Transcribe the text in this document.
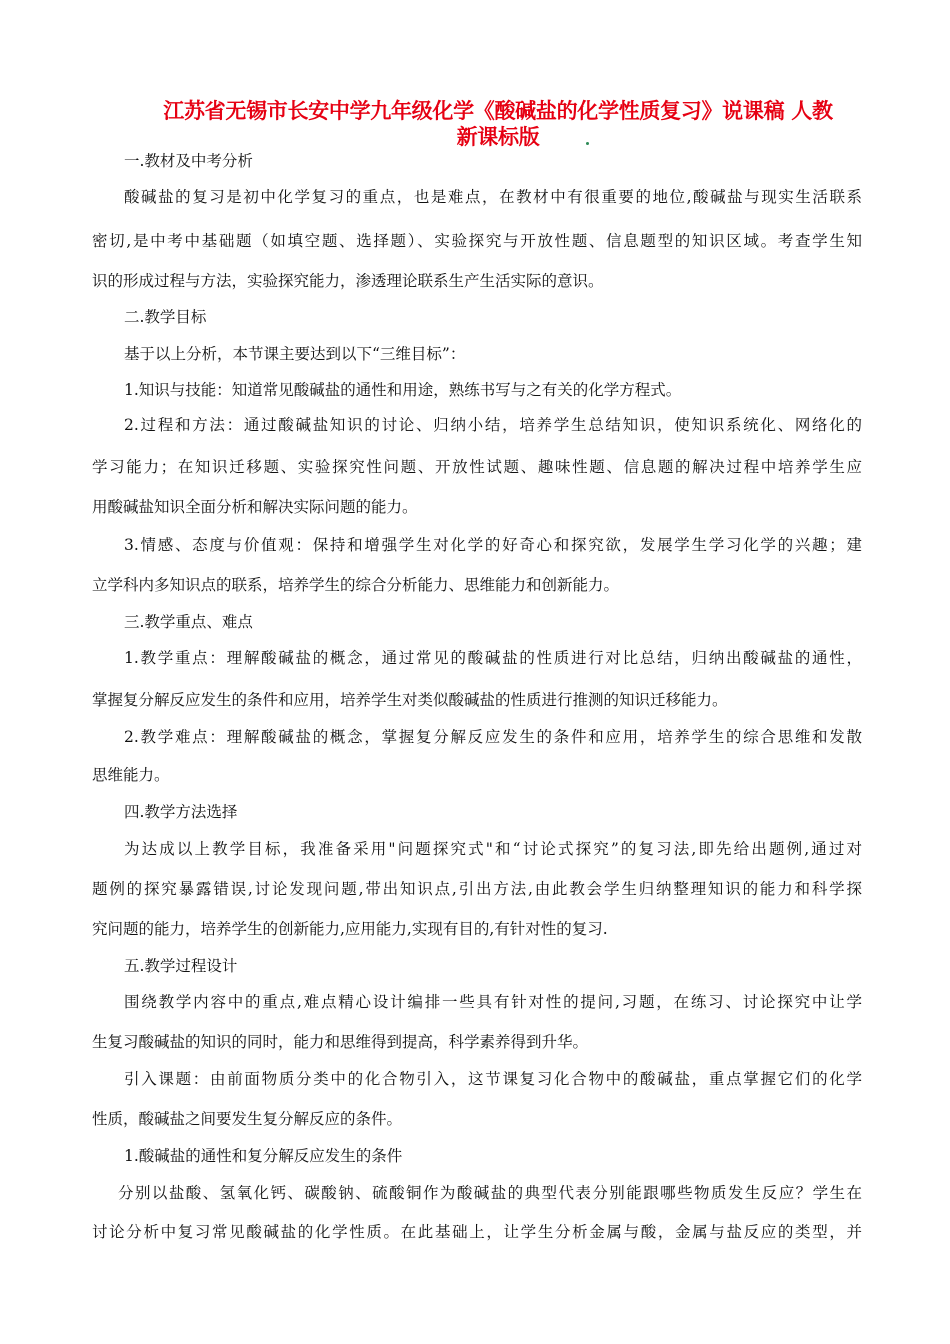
江苏省无锡市长安中学九年级化学《酸碱盐的化学性质复习》说课稿 人教
新课标版
一.教材及中考分析
酸碱盐的复习是初中化学复习的重点，也是难点，在教材中有很重要的地位,酸碱盐与现实生活联系
密切,是中考中基础题（如填空题、选择题）、实验探究与开放性题、信息题型的知识区域。考查学生知
识的形成过程与方法，实验探究能力，渗透理论联系生产生活实际的意识。
二.教学目标
基于以上分析，本节课主要达到以下“三维目标”：
1.知识与技能：知道常见酸碱盐的通性和用途，熟练书写与之有关的化学方程式。
2.过程和方法：通过酸碱盐知识的讨论、归纳小结，培养学生总结知识，使知识系统化、网络化的
学习能力；在知识迁移题、实验探究性问题、开放性试题、趣味性题、信息题的解决过程中培养学生应
用酸碱盐知识全面分析和解决实际问题的能力。
3.情感、态度与价值观：保持和增强学生对化学的好奇心和探究欲，发展学生学习化学的兴趣；建
立学科内多知识点的联系，培养学生的综合分析能力、思维能力和创新能力。
三.教学重点、难点
1.教学重点：理解酸碱盐的概念，通过常见的酸碱盐的性质进行对比总结，归纳出酸碱盐的通性，
掌握复分解反应发生的条件和应用，培养学生对类似酸碱盐的性质进行推测的知识迁移能力。
2.教学难点：理解酸碱盐的概念，掌握复分解反应发生的条件和应用，培养学生的综合思维和发散
思维能力。
四.教学方法选择
为达成以上教学目标，我准备采用"问题探究式"和“讨论式探究”的复习法,即先给出题例,通过对
题例的探究暴露错误,讨论发现问题,带出知识点,引出方法,由此教会学生归纳整理知识的能力和科学探
究问题的能力，培养学生的创新能力,应用能力,实现有目的,有针对性的复习.
五.教学过程设计
围绕教学内容中的重点,难点精心设计编排一些具有针对性的提问,习题，在练习、讨论探究中让学
生复习酸碱盐的知识的同时，能力和思维得到提高，科学素养得到升华。
引入课题：由前面物质分类中的化合物引入，这节课复习化合物中的酸碱盐，重点掌握它们的化学
性质，酸碱盐之间要发生复分解反应的条件。
1.酸碱盐的通性和复分解反应发生的条件
分别以盐酸、氢氧化钙、碳酸钠、硫酸铜作为酸碱盐的典型代表分别能跟哪些物质发生反应？学生在
讨论分析中复习常见酸碱盐的化学性质。在此基础上，让学生分析金属与酸，金属与盐反应的类型，并
